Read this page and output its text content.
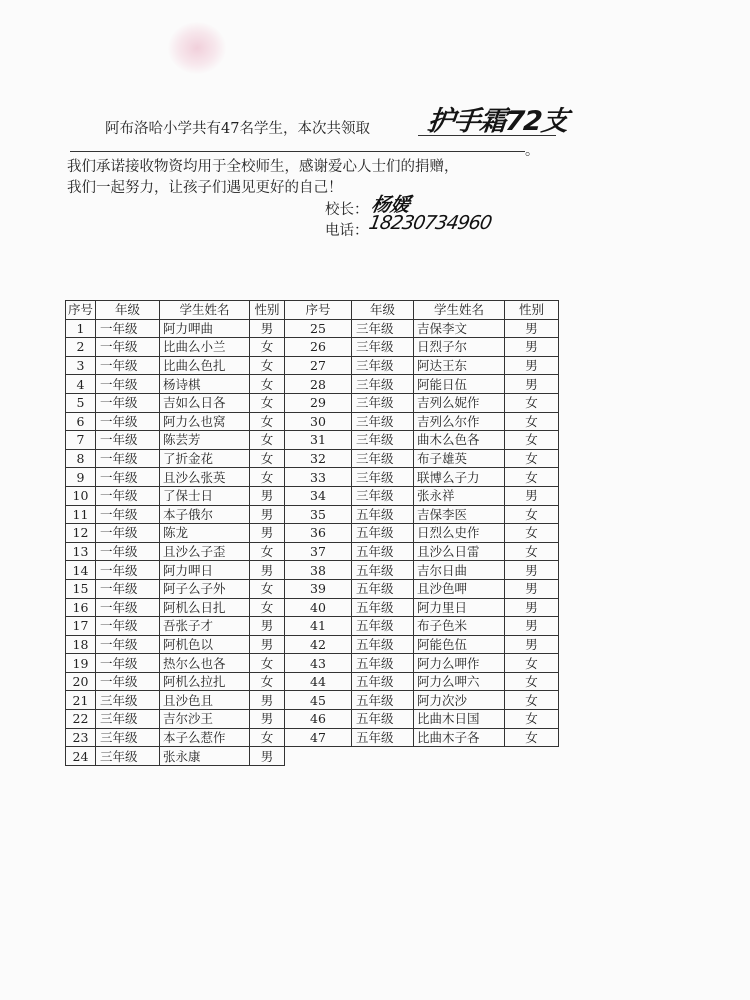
阿布洛哈小学共有47名学生，本次共领取 护手霜72支
。
我们承诺接收物资均用于全校师生，感谢爱心人士们的捐赠，
我们一起努力，让孩子们遇见更好的自己！
校长： 杨媛
电话：
18230734960
序号	年级	学生姓名	性别	序号	年级	学生姓名	性别
1	一年级	阿力呷曲	男	25	三年级	吉保李文	男
2	一年级	比曲么小兰	女	26	三年级	日烈子尔	男
3	一年级	比曲么色扎	女	27	三年级	阿达王东	男
4	一年级	杨诗棋	女	28	三年级	阿能日伍	男
5	一年级	吉如么日各	女	29	三年级	吉列么妮作	女
6	一年级	阿力么也窝	女	30	三年级	吉列么尔作	女
7	一年级	陈芸芳	女	31	三年级	曲木么色各	女
8	一年级	了折金花	女	32	三年级	布子雄英	女
9	一年级	且沙么张英	女	33	三年级	联博么子力	女
10	一年级	了保士日	男	34	三年级	张永祥	男
11	一年级	本子俄尔	男	35	五年级	吉保李医	女
12	一年级	陈龙	男	36	五年级	日烈么史作	女
13	一年级	且沙么子歪	女	37	五年级	且沙么日雷	女
14	一年级	阿力呷日	男	38	五年级	吉尔日曲	男
15	一年级	阿子么子外	女	39	五年级	且沙色呷	男
16	一年级	阿机么日扎	女	40	五年级	阿力里日	男
17	一年级	吾张子才	男	41	五年级	布子色米	男
18	一年级	阿机色以	男	42	五年级	阿能色伍	男
19	一年级	热尔么也各	女	43	五年级	阿力么呷作	女
20	一年级	阿机么拉扎	女	44	五年级	阿力么呷六	女
21	三年级	且沙色且	男	45	五年级	阿力次沙	女
22	三年级	吉尔沙王	男	46	五年级	比曲木日国	女
23	三年级	本子么惹作	女	47	五年级	比曲木子各	女
24	三年级	张永康	男				
